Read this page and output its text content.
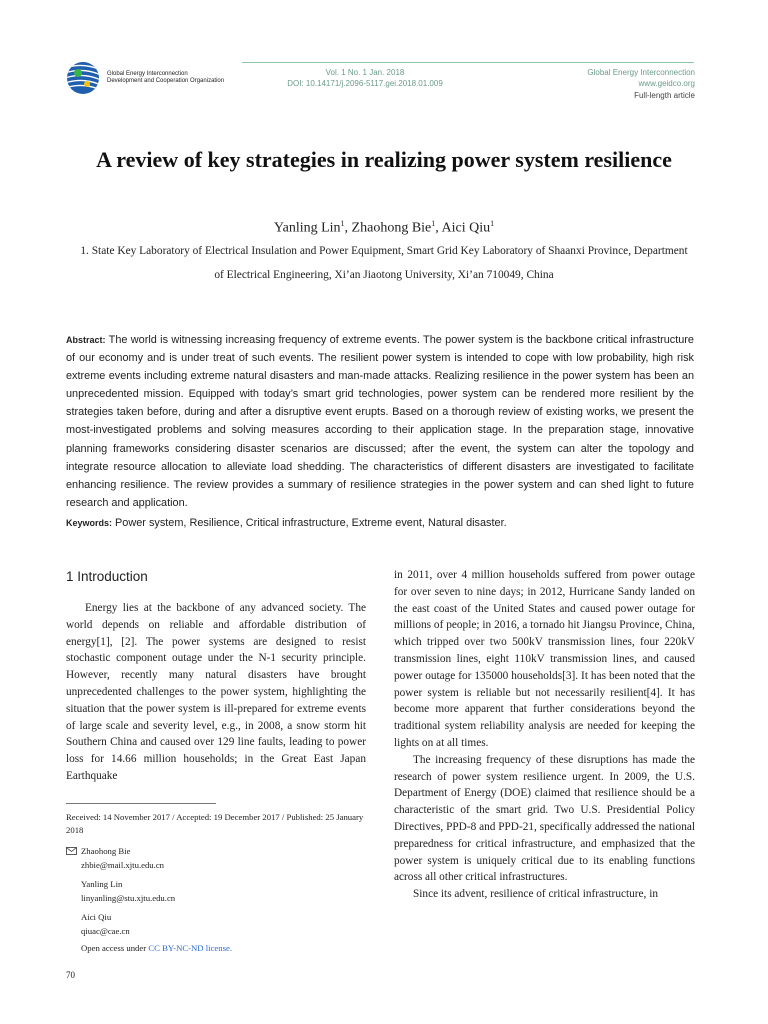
Global Energy Interconnection
Development and Cooperation Organization
Vol. 1 No. 1 Jan. 2018
DOI: 10.14171/j.2096-5117.gei.2018.01.009
Global Energy Interconnection
www.geidco.org
Full-length article
A review of key strategies in realizing power system resilience
Yanling Lin$^1$, Zhaohong Bie$^1$, Aici Qiu$^1$
1. State Key Laboratory of Electrical Insulation and Power Equipment, Smart Grid Key Laboratory of Shaanxi Province, Department of Electrical Engineering, Xi’an Jiaotong University, Xi’an 710049, China
Abstract: The world is witnessing increasing frequency of extreme events. The power system is the backbone critical infrastructure of our economy and is under treat of such events. The resilient power system is intended to cope with low probability, high risk extreme events including extreme natural disasters and man-made attacks. Realizing resilience in the power system has been an unprecedented mission. Equipped with today’s smart grid technologies, power system can be rendered more resilient by the strategies taken before, during and after a disruptive event erupts. Based on a thorough review of existing works, we present the most-investigated problems and solving measures according to their application stage. In the preparation stage, innovative planning frameworks considering disaster scenarios are discussed; after the event, the system can alter the topology and integrate resource allocation to alleviate load shedding. The characteristics of different disasters are investigated to facilitate enhancing resilience. The review provides a summary of resilience strategies in the power system and can shed light to future research and application.
Keywords: Power system, Resilience, Critical infrastructure, Extreme event, Natural disaster.
1 Introduction

Energy lies at the backbone of any advanced society. The world depends on reliable and affordable distribution of energy[1], [2]. The power systems are designed to resist stochastic component outage under the N-1 security principle. However, recently many natural disasters have brought unprecedented challenges to the power system, highlighting the situation that the power system is ill-prepared for extreme events of large scale and severity level, e.g., in 2008, a snow storm hit Southern China and caused over 129 line faults, leading to power loss for 14.66 million households; in the Great East Japan Earthquake

in 2011, over 4 million households suffered from power outage for over seven to nine days; in 2012, Hurricane Sandy landed on the east coast of the United States and caused power outage for millions of people; in 2016, a tornado hit Jiangsu Province, China, which tripped over two 500kV transmission lines, four 220kV transmission lines, eight 110kV transmission lines, and caused power outage for 135000 households[3]. It has been noted that the power system is reliable but not necessarily resilient[4]. It has become more apparent that further considerations beyond the traditional system reliability analysis are needed for keeping the lights on at all times.

The increasing frequency of these disruptions has made the research of power system resilience urgent. In 2009, the U.S. Department of Energy (DOE) claimed that resilience should be a characteristic of the smart grid. Two U.S. Presidential Policy Directives, PPD-8 and PPD-21, specifically addressed the national preparedness for critical infrastructure, and emphasized that the power system is uniquely critical due to its enabling functions across all other critical infrastructures.

Since its advent, resilience of critical infrastructure, in

Received: 14 November 2017 / Accepted: 19 December 2017 / Published: 25 January 2018
Zhaohong Bie
zhbie@mail.xjtu.edu.cn
Yanling Lin
linyanling@stu.xjtu.edu.cn
Aici Qiu
qiuac@cae.cn
Open access under CC BY-NC-ND license.
70
